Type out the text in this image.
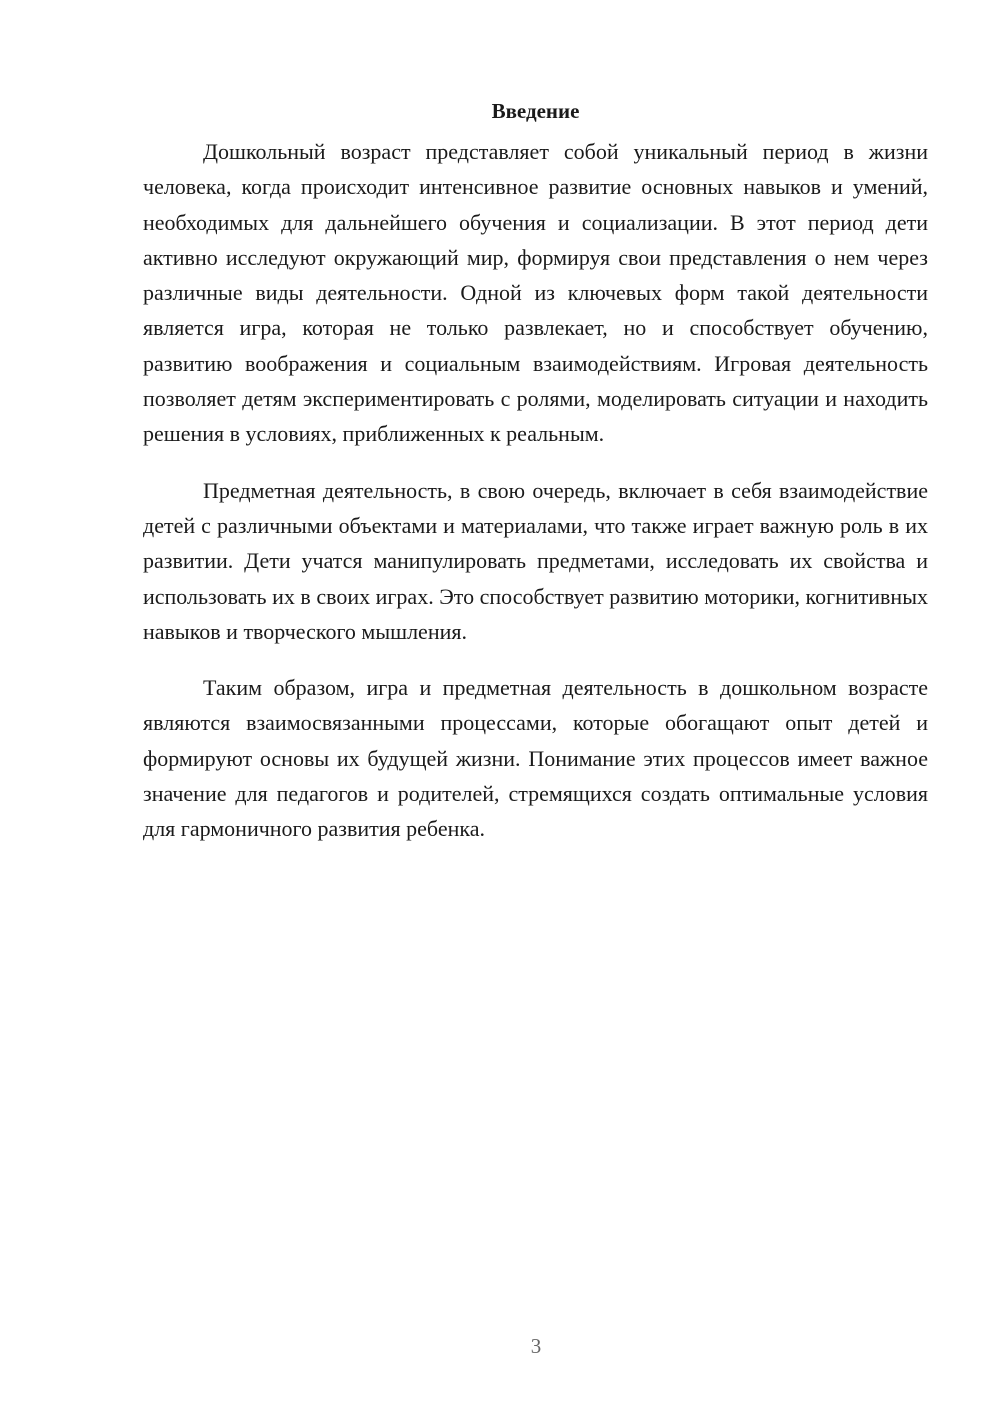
Введение

Дошкольный возраст представляет собой уникальный период в жизни человека, когда происходит интенсивное развитие основных навыков и умений, необходимых для дальнейшего обучения и социализации. В этот период дети активно исследуют окружающий мир, формируя свои представления о нем через различные виды деятельности. Одной из ключевых форм такой деятельности является игра, которая не только развлекает, но и способствует обучению, развитию воображения и социальным взаимодействиям. Игровая деятельность позволяет детям экспериментировать с ролями, моделировать ситуации и находить решения в условиях, приближенных к реальным.

Предметная деятельность, в свою очередь, включает в себя взаимодействие детей с различными объектами и материалами, что также играет важную роль в их развитии. Дети учатся манипулировать предметами, исследовать их свойства и использовать их в своих играх. Это способствует развитию моторики, когнитивных навыков и творческого мышления.

Таким образом, игра и предметная деятельность в дошкольном возрасте являются взаимосвязанными процессами, которые обогащают опыт детей и формируют основы их будущей жизни. Понимание этих процессов имеет важное значение для педагогов и родителей, стремящихся создать оптимальные условия для гармоничного развития ребенка.

3
